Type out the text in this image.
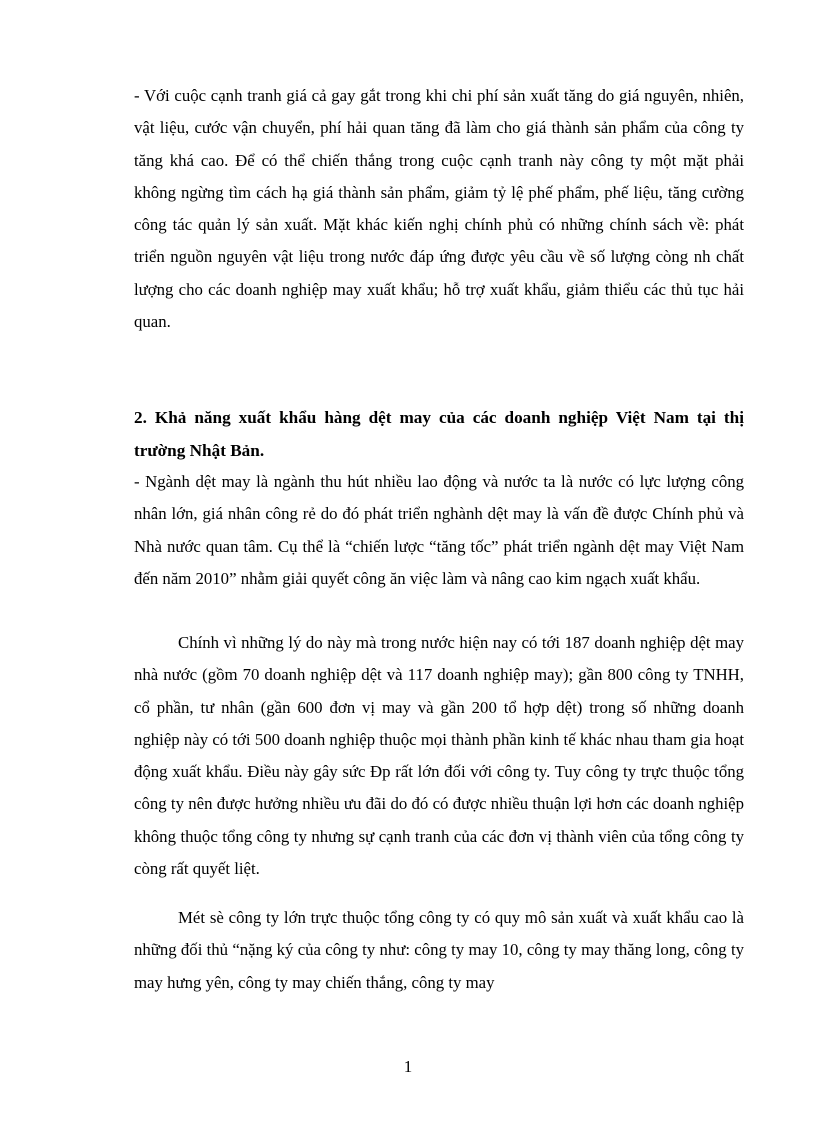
- Với cuộc cạnh tranh giá cả gay gắt trong khi chi phí sản xuất tăng do giá nguyên, nhiên, vật liệu, cước vận chuyển, phí hải quan tăng đã làm cho giá thành sản phẩm của công ty tăng khá cao. Để có thể chiến thắng trong cuộc cạnh tranh này công ty một mặt phải không ngừng tìm cách hạ giá thành sản phẩm, giảm tỷ lệ phế phẩm, phế liệu, tăng cường công tác quản lý sản xuất. Mặt khác kiến nghị chính phủ có những chính sách về: phát triển nguồn nguyên vật liệu trong nước đáp ứng được yêu cầu về số lượng còng nh chất lượng cho các doanh nghiệp may xuất khẩu; hỗ trợ xuất khẩu, giảm thiểu các thủ tục hải quan.

2. Khả năng xuất khẩu hàng dệt may của các doanh nghiệp Việt Nam tại thị trường Nhật Bản.

- Ngành dệt may là ngành thu hút nhiều lao động và nước ta là nước có lực lượng công nhân lớn, giá nhân công rẻ do đó phát triển nghành dệt may là vấn đề được Chính phủ và Nhà nước quan tâm. Cụ thể là “chiến lược “tăng tốc” phát triển ngành dệt may Việt Nam đến năm 2010” nhằm giải quyết công ăn việc làm và nâng cao kim ngạch xuất khẩu.

Chính vì những lý do này mà trong nước hiện nay có tới 187 doanh nghiệp dệt may nhà nước (gồm 70 doanh nghiệp dệt và 117 doanh nghiệp may); gần 800 công ty TNHH, cổ phần, tư nhân (gần 600 đơn vị may và gần 200 tổ hợp dệt) trong số những doanh nghiệp này có tới 500 doanh nghiệp thuộc mọi thành phần kinh tế khác nhau tham gia hoạt động xuất khẩu. Điều này gây sức Ðp rất lớn đối với công ty. Tuy công ty trực thuộc tổng công ty nên được hưởng nhiều ưu đãi do đó có được nhiều thuận lợi hơn các doanh nghiệp không thuộc tổng công ty nhưng sự cạnh tranh của các đơn vị thành viên của tổng công ty còng rất quyết liệt.

Mét sè công ty lớn trực thuộc tổng công ty có quy mô sản xuất và xuất khẩu cao là những đối thủ “nặng ký của công ty như: công ty may 10, công ty may thăng long, công ty may hưng yên, công ty may chiến thắng, công ty may

1
